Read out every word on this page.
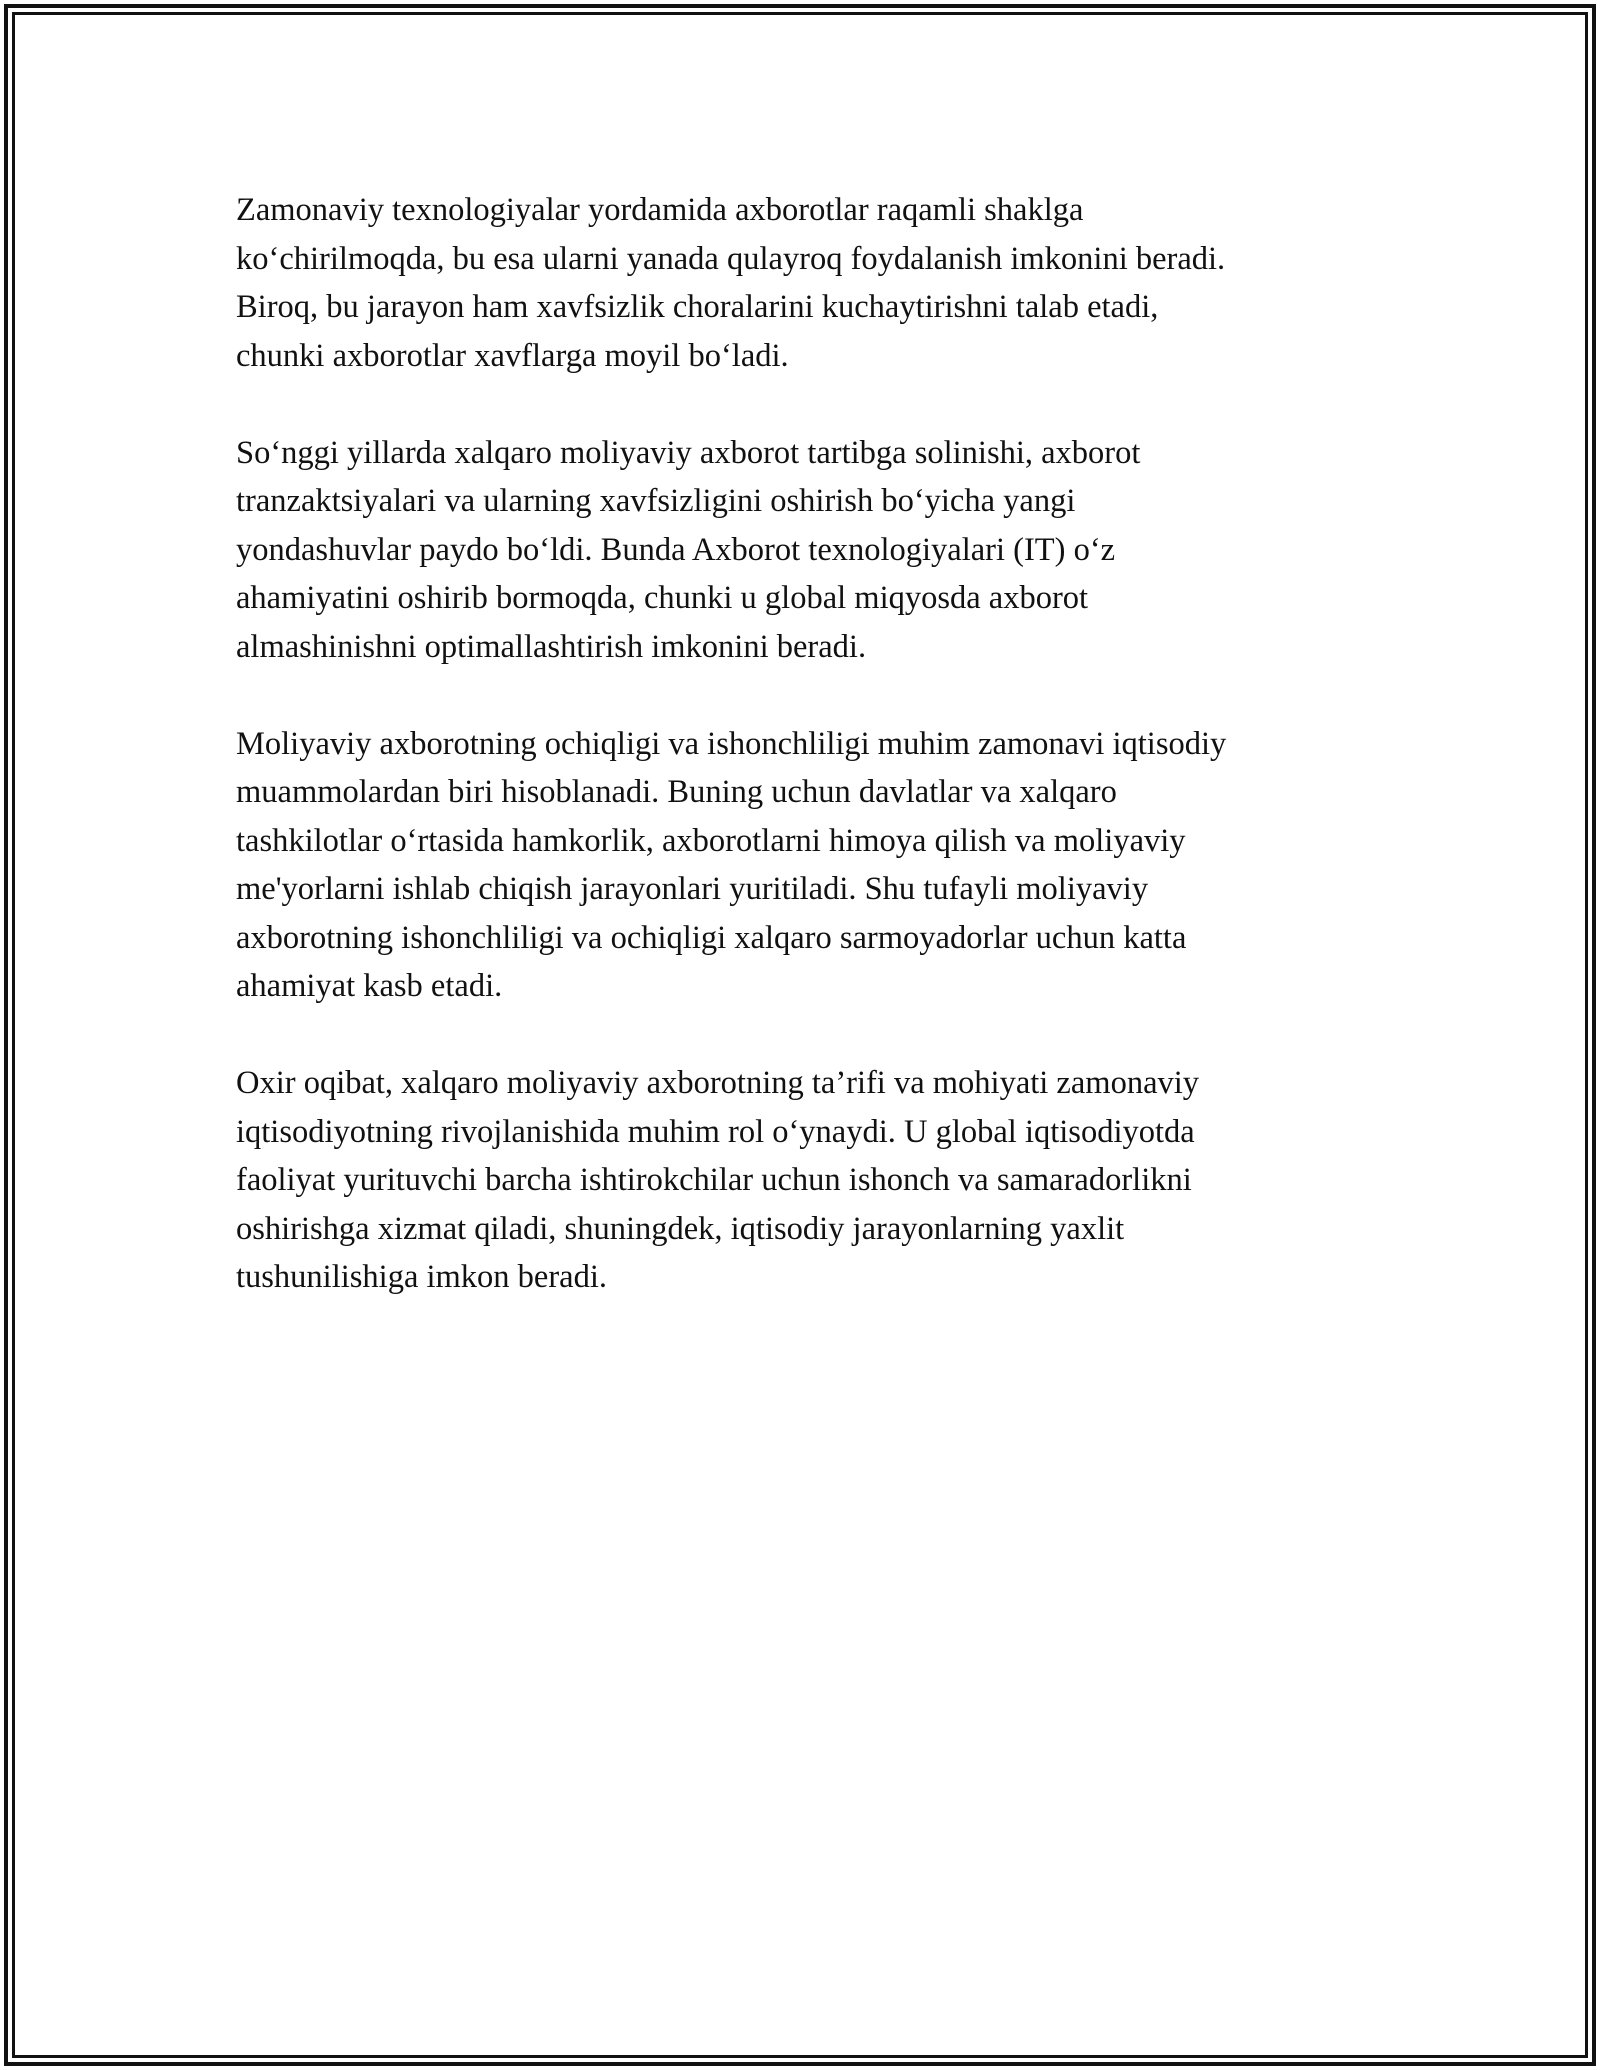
Zamonaviy texnologiyalar yordamida axborotlar raqamli shaklga
ko‘chirilmoqda, bu esa ularni yanada qulayroq foydalanish imkonini beradi.
Biroq, bu jarayon ham xavfsizlik choralarini kuchaytirishni talab etadi,
chunki axborotlar xavflarga moyil bo‘ladi.

So‘nggi yillarda xalqaro moliyaviy axborot tartibga solinishi, axborot
tranzaktsiyalari va ularning xavfsizligini oshirish bo‘yicha yangi
yondashuvlar paydo bo‘ldi. Bunda Axborot texnologiyalari (IT) o‘z
ahamiyatini oshirib bormoqda, chunki u global miqyosda axborot
almashinishni optimallashtirish imkonini beradi.

Moliyaviy axborotning ochiqligi va ishonchliligi muhim zamonavi iqtisodiy
muammolardan biri hisoblanadi. Buning uchun davlatlar va xalqaro
tashkilotlar o‘rtasida hamkorlik, axborotlarni himoya qilish va moliyaviy
me'yorlarni ishlab chiqish jarayonlari yuritiladi. Shu tufayli moliyaviy
axborotning ishonchliligi va ochiqligi xalqaro sarmoyadorlar uchun katta
ahamiyat kasb etadi.

Oxir oqibat, xalqaro moliyaviy axborotning ta’rifi va mohiyati zamonaviy
iqtisodiyotning rivojlanishida muhim rol o‘ynaydi. U global iqtisodiyotda
faoliyat yurituvchi barcha ishtirokchilar uchun ishonch va samaradorlikni
oshirishga xizmat qiladi, shuningdek, iqtisodiy jarayonlarning yaxlit
tushunilishiga imkon beradi.
